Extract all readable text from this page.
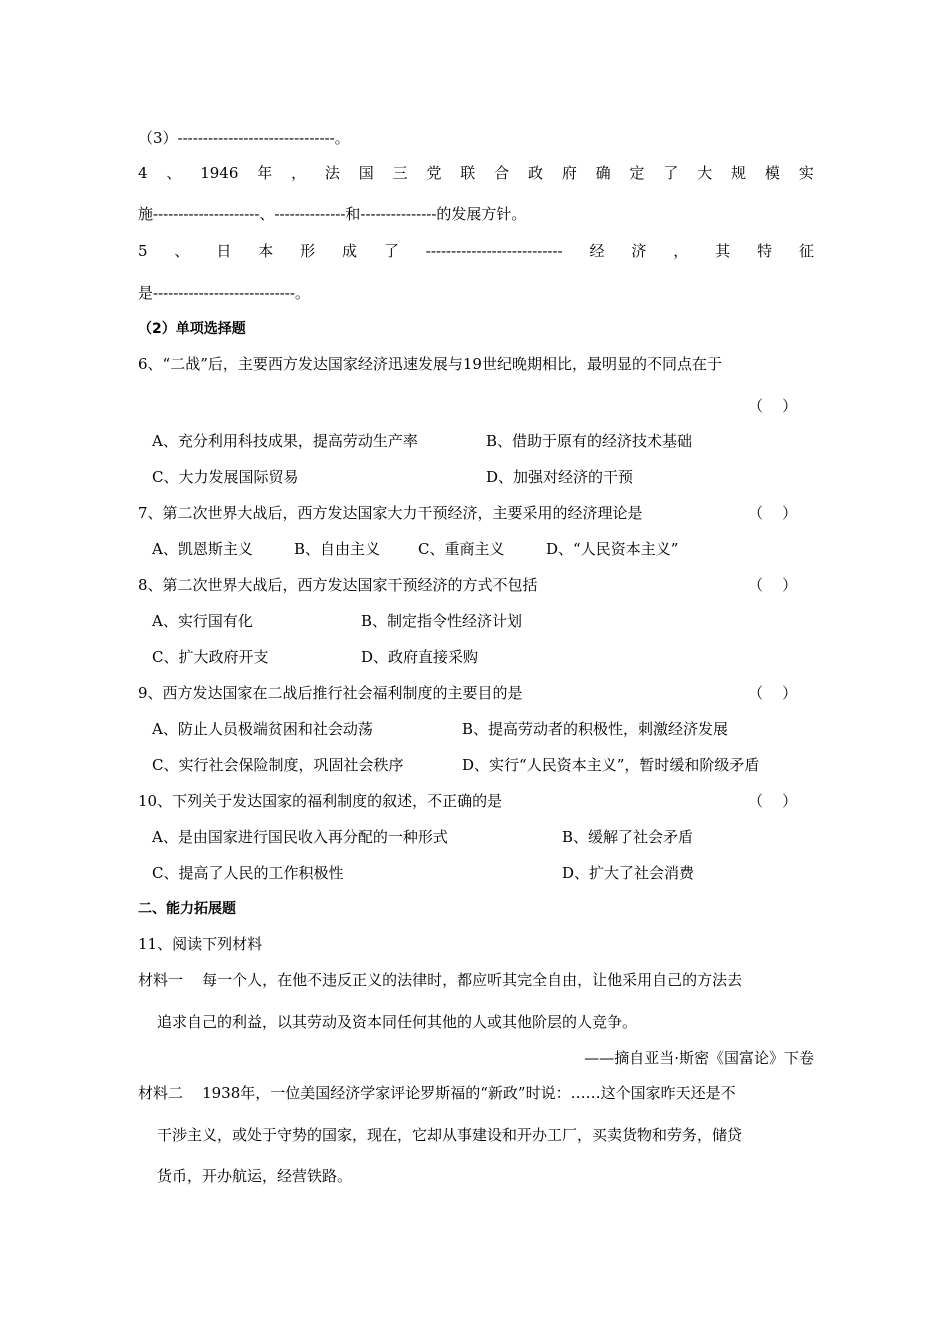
（3）-------------------------------。
4 、 1946 年 ， 法 国 三 党 联 合 政 府 确 定 了 大 规 模 实
施---------------------、--------------和---------------的发展方针。
5 、 日 本 形 成 了 --------------------------- 经 济 ， 其 特 征
是----------------------------。
（2）单项选择题
6、“二战”后，主要西方发达国家经济迅速发展与19世纪晚期相比，最明显的不同点在于
（    ）
A、充分利用科技成果，提高劳动生产率	B、借助于原有的经济技术基础
C、大力发展国际贸易	D、加强对经济的干预
7、第二次世界大战后，西方发达国家大力干预经济，主要采用的经济理论是	（    ）
A、凯恩斯主义	B、自由主义	C、重商主义	D、“人民资本主义”
8、第二次世界大战后，西方发达国家干预经济的方式不包括	（    ）
A、实行国有化	B、制定指令性经济计划
C、扩大政府开支	D、政府直接采购
9、西方发达国家在二战后推行社会福利制度的主要目的是	（    ）
A、防止人员极端贫困和社会动荡	B、提高劳动者的积极性，刺激经济发展
C、实行社会保险制度，巩固社会秩序	D、实行“人民资本主义”，暂时缓和阶级矛盾
10、下列关于发达国家的福利制度的叙述，不正确的是	（    ）
A、是由国家进行国民收入再分配的一种形式	B、缓解了社会矛盾
C、提高了人民的工作积极性	D、扩大了社会消费
二、能力拓展题
11、阅读下列材料
材料一    每一个人，在他不违反正义的法律时，都应听其完全自由，让他采用自己的方法去
追求自己的利益，以其劳动及资本同任何其他的人或其他阶层的人竞争。
——摘自亚当·斯密《国富论》下卷
材料二    1938年，一位美国经济学家评论罗斯福的“新政”时说：……这个国家昨天还是不
干涉主义，或处于守势的国家，现在，它却从事建设和开办工厂，买卖货物和劳务，储贷
货币，开办航运，经营铁路。
